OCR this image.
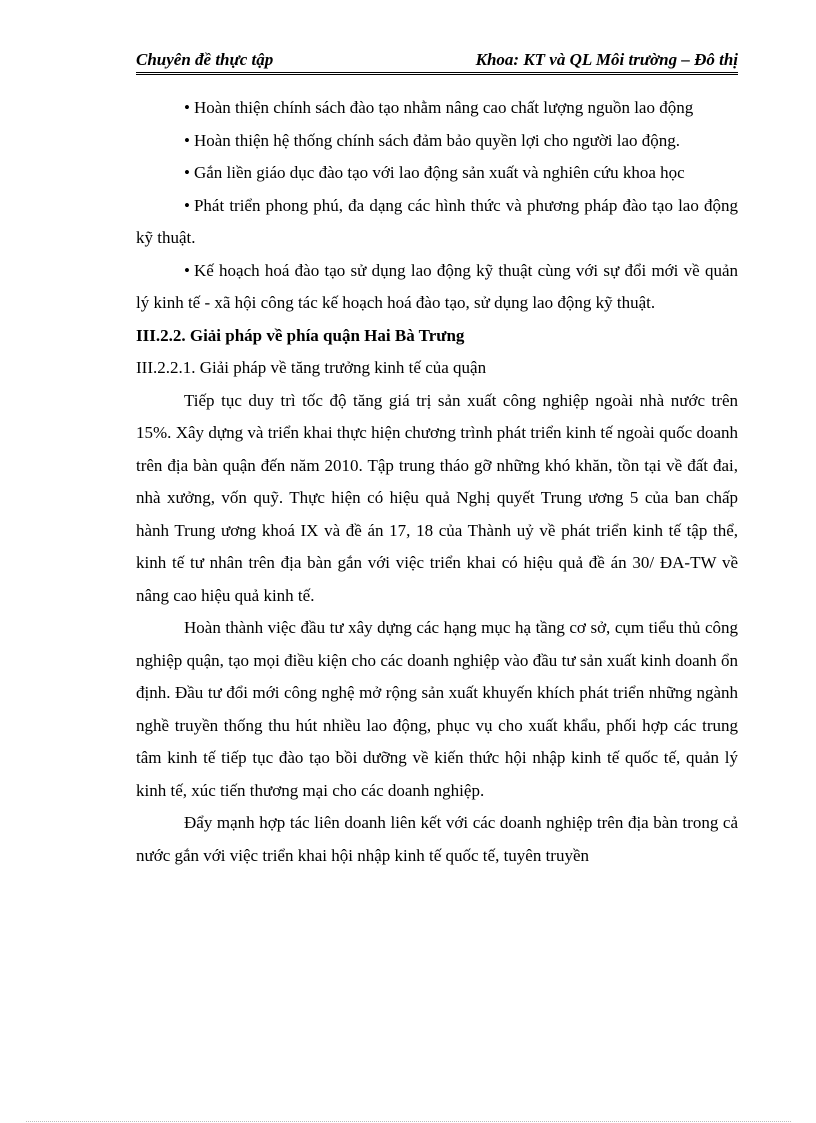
Chuyên đề thực tập	Khoa: KT và QL Môi trường – Đô thị

• Hoàn thiện chính sách đào tạo nhằm nâng cao chất lượng nguồn lao động

• Hoàn thiện hệ thống chính sách đảm bảo quyền lợi cho người lao động.

• Gắn liền giáo dục đào tạo với lao động sản xuất và nghiên cứu khoa học

• Phát triển phong phú, đa dạng các hình thức và phương pháp đào tạo lao động kỹ thuật.

• Kế hoạch hoá đào tạo sử dụng lao động kỹ thuật cùng với sự đổi mới về quản lý kinh tế - xã hội công tác kế hoạch hoá đào tạo, sử dụng lao động kỹ thuật.

III.2.2. Giải pháp về phía quận Hai Bà Trưng

III.2.2.1. Giải pháp về tăng trưởng kinh tế của quận

Tiếp tục duy trì tốc độ tăng giá trị sản xuất công nghiệp ngoài nhà nước trên 15%. Xây dựng và triển khai thực hiện chương trình phát triển kinh tế ngoài quốc doanh trên địa bàn quận đến năm 2010. Tập trung tháo gỡ những khó khăn, tồn tại về đất đai, nhà xưởng, vốn quỹ. Thực hiện có hiệu quả Nghị quyết Trung ương 5 của ban chấp hành Trung ương khoá IX và đề án 17, 18 của Thành uỷ về phát triển kinh tế tập thể, kinh tế tư nhân trên địa bàn gắn với việc triển khai có hiệu quả đề án 30/ ĐA-TW về nâng cao hiệu quả kinh tế.

Hoàn thành việc đầu tư xây dựng các hạng mục hạ tầng cơ sở, cụm tiểu thủ công nghiệp quận, tạo mọi điều kiện cho các doanh nghiệp vào đầu tư sản xuất kinh doanh ổn định. Đầu tư đổi mới công nghệ mở rộng sản xuất khuyến khích phát triển những ngành nghề truyền thống thu hút nhiều lao động, phục vụ cho xuất khẩu, phối hợp các trung tâm kinh tế tiếp tục đào tạo bồi dưỡng về kiến thức hội nhập kinh tế quốc tế, quản lý kinh tế, xúc tiến thương mại cho các doanh nghiệp.

Đẩy mạnh hợp tác liên doanh liên kết với các doanh nghiệp trên địa bàn trong cả nước gắn với việc triển khai hội nhập kinh tế quốc tế, tuyên truyền
